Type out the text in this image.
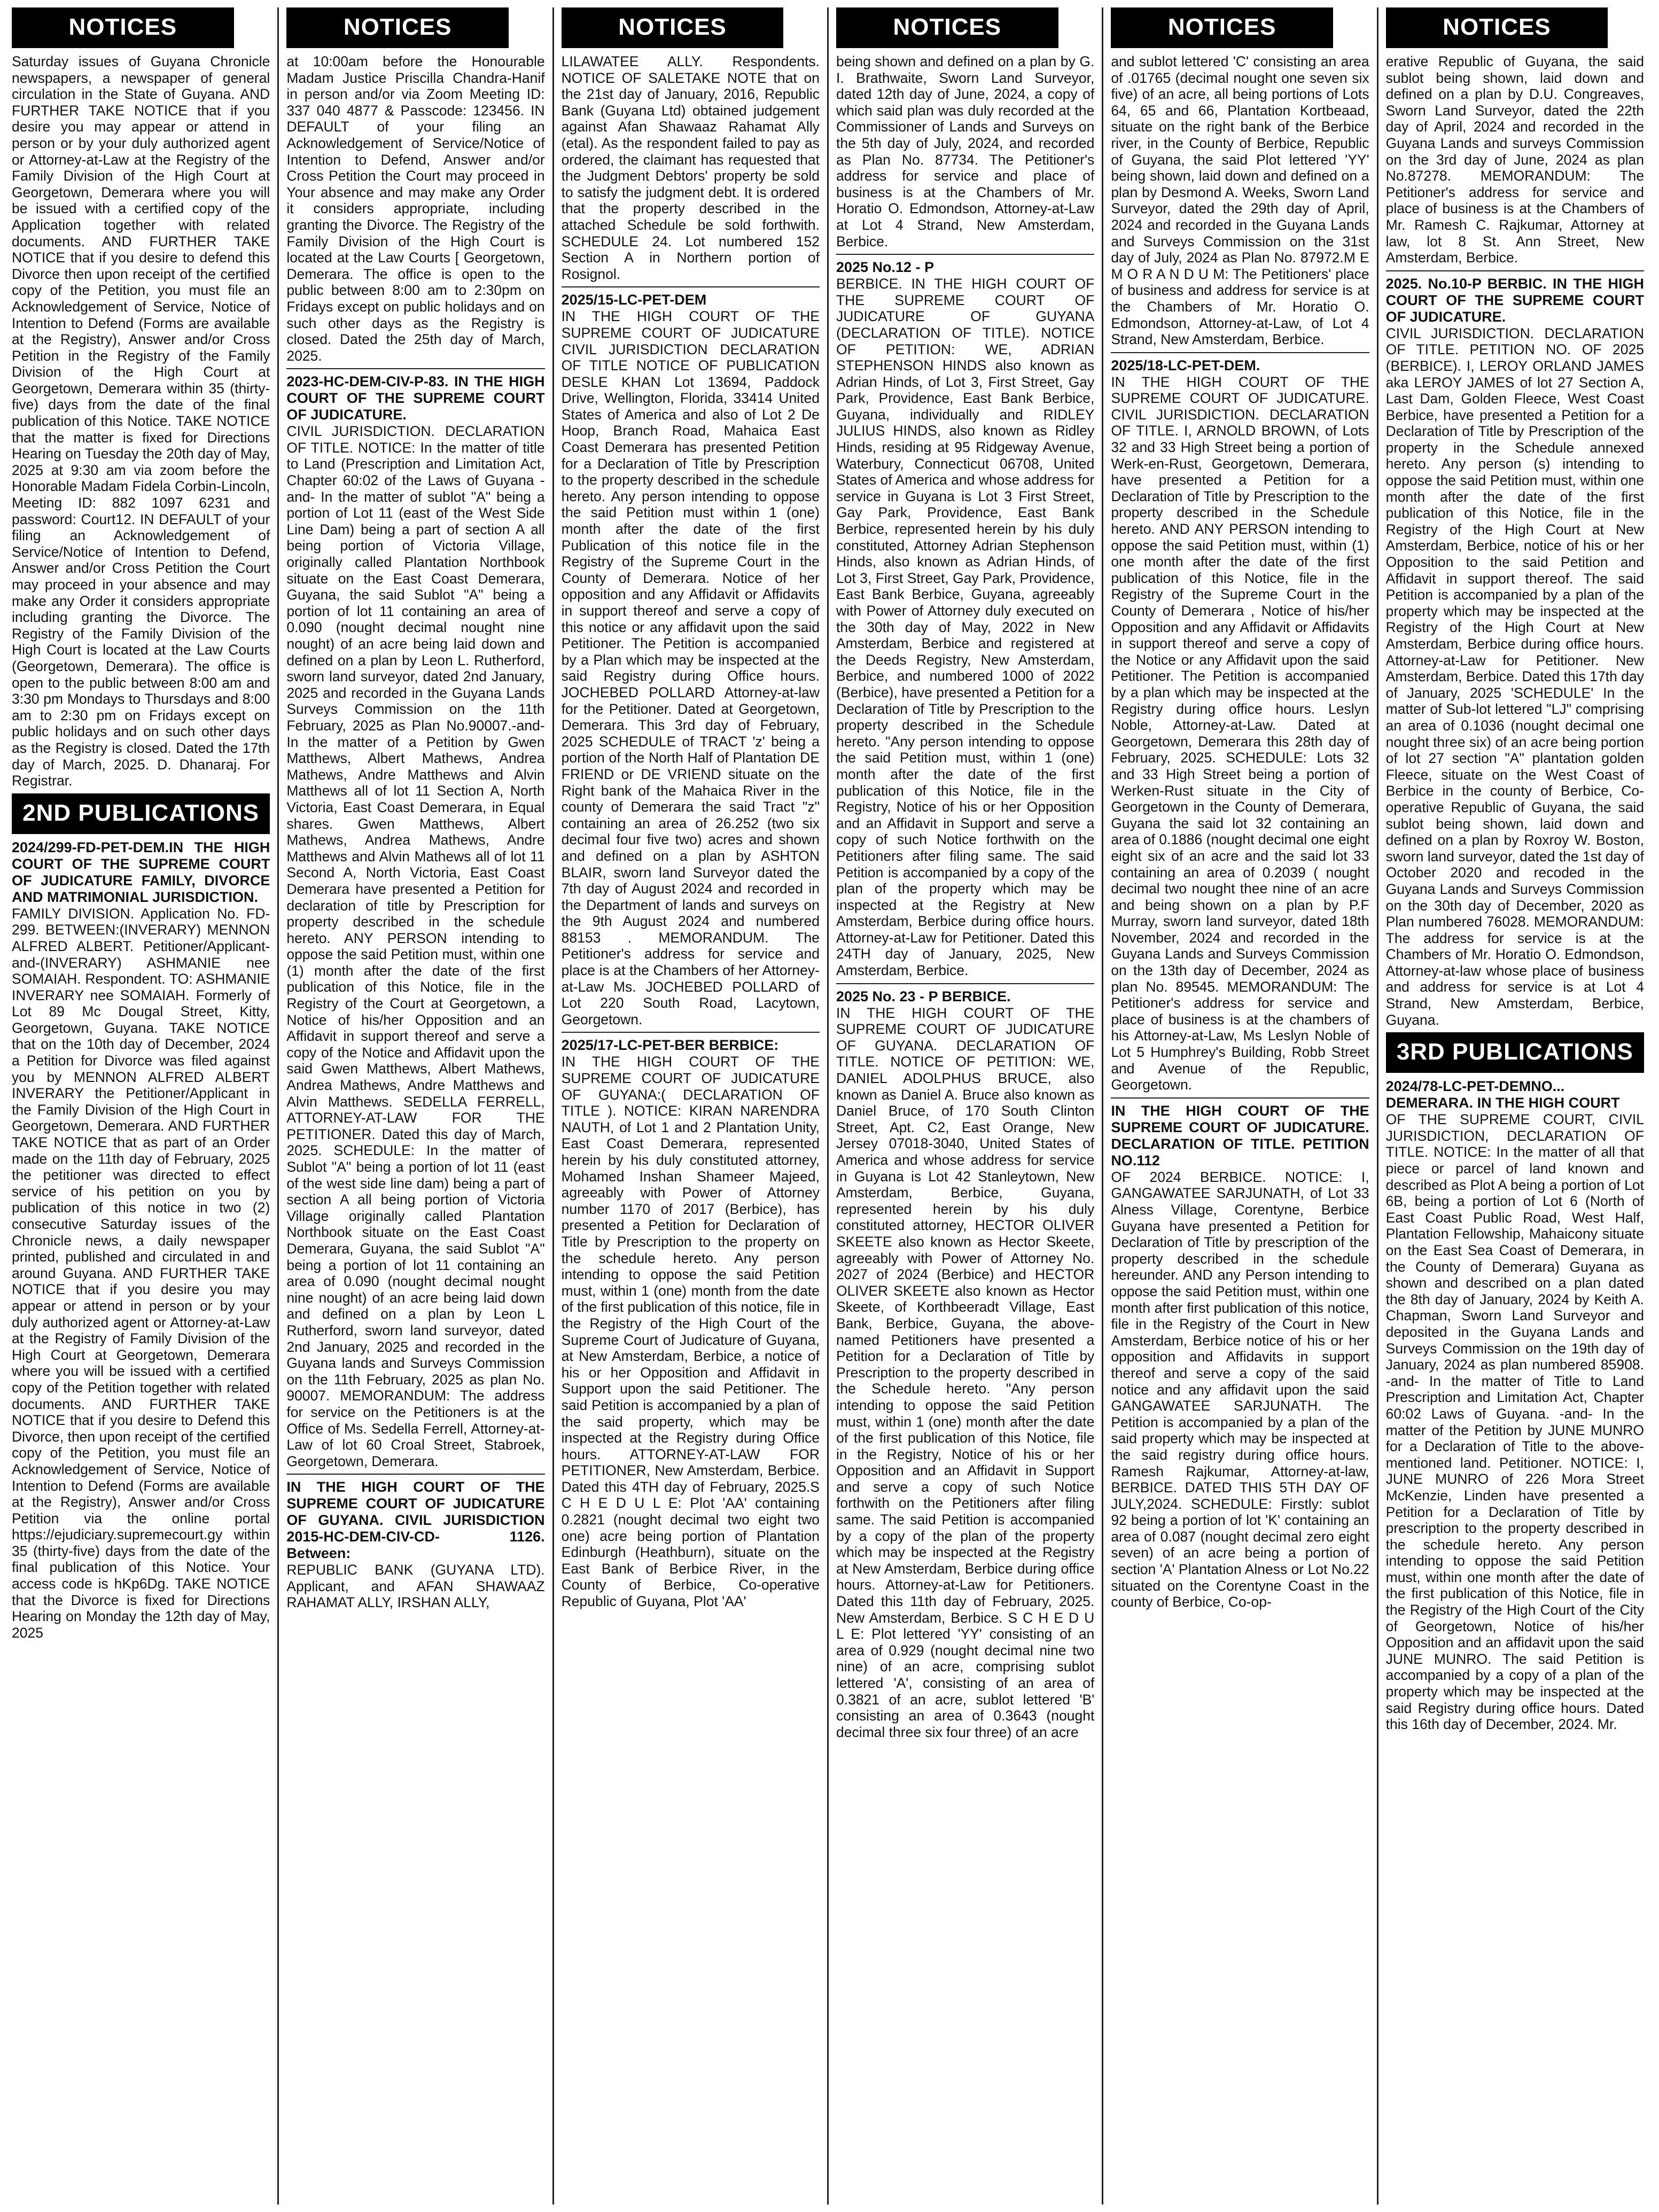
NOTICES

Saturday issues of Guyana Chronicle newspapers, a newspaper of general circulation in the State of Guyana. AND FURTHER TAKE NOTICE that if you desire you may appear or attend in person or by your duly authorized agent or Attorney-at-Law at the Registry of the Family Division of the High Court at Georgetown, Demerara where you will be issued with a certified copy of the Application together with related documents. AND FURTHER TAKE NOTICE that if you desire to defend this Divorce then upon receipt of the certified copy of the Petition, you must file an Acknowledgement of Service, Notice of Intention to Defend (Forms are available at the Registry), Answer and/or Cross Petition in the Registry of the Family Division of the High Court at Georgetown, Demerara within 35 (thirty-five) days from the date of the final publication of this Notice. TAKE NOTICE that the matter is fixed for Directions Hearing on Tuesday the 20th day of May, 2025 at 9:30 am via zoom before the Honorable Madam Fidela Corbin-Lincoln, Meeting ID: 882 1097 6231 and password: Court12. IN DEFAULT of your filing an Acknowledgement of Service/Notice of Intention to Defend, Answer and/or Cross Petition the Court may proceed in your absence and may make any Order it considers appropriate including granting the Divorce. The Registry of the Family Division of the High Court is located at the Law Courts (Georgetown, Demerara). The office is open to the public between 8:00 am and 3:30 pm Mondays to Thursdays and 8:00 am to 2:30 pm on Fridays except on public holidays and on such other days as the Registry is closed. Dated the 17th day of March, 2025. D. Dhanaraj. For Registrar.

2ND PUBLICATIONS

2024/299-FD-PET-DEM.IN THE HIGH COURT OF THE SUPREME COURT OF JUDICATURE FAMILY, DIVORCE AND MATRIMONIAL JURISDICTION.

FAMILY DIVISION. Application No. FD-299. BETWEEN:(INVERARY) MENNON ALFRED ALBERT. Petitioner/Applicant-and-(INVERARY) ASHMANIE nee SOMAIAH. Respondent. TO: ASHMANIE INVERARY nee SOMAIAH. Formerly of Lot 89 Mc Dougal Street, Kitty, Georgetown, Guyana. TAKE NOTICE that on the 10th day of December, 2024 a Petition for Divorce was filed against you by MENNON ALFRED ALBERT INVERARY the Petitioner/Applicant in the Family Division of the High Court in Georgetown, Demerara. AND FURTHER TAKE NOTICE that as part of an Order made on the 11th day of February, 2025 the petitioner was directed to effect service of his petition on you by publication of this notice in two (2) consecutive Saturday issues of the Chronicle news, a daily newspaper printed, published and circulated in and around Guyana. AND FURTHER TAKE NOTICE that if you desire you may appear or attend in person or by your duly authorized agent or Attorney-at-Law at the Registry of Family Division of the High Court at Georgetown, Demerara where you will be issued with a certified copy of the Petition together with related documents. AND FURTHER TAKE NOTICE that if you desire to Defend this Divorce, then upon receipt of the certified copy of the Petition, you must file an Acknowledgement of Service, Notice of Intention to Defend (Forms are available at the Registry), Answer and/or Cross Petition via the online portal https://ejudiciary.supremecourt.gy within 35 (thirty-five) days from the date of the final publication of this Notice. Your access code is hKp6Dg. TAKE NOTICE that the Divorce is fixed for Directions Hearing on Monday the 12th day of May, 2025

NOTICES

at 10:00am before the Honourable Madam Justice Priscilla Chandra-Hanif in person and/or via Zoom Meeting ID: 337 040 4877 & Passcode: 123456. IN DEFAULT of your filing an Acknowledgement of Service/Notice of Intention to Defend, Answer and/or Cross Petition the Court may proceed in Your absence and may make any Order it considers appropriate, including granting the Divorce. The Registry of the Family Division of the High Court is located at the Law Courts [ Georgetown, Demerara. The office is open to the public between 8:00 am to 2:30pm on Fridays except on public holidays and on such other days as the Registry is closed. Dated the 25th day of March, 2025.

2023-HC-DEM-CIV-P-83. IN THE HIGH COURT OF THE SUPREME COURT OF JUDICATURE.

CIVIL JURISDICTION. DECLARATION OF TITLE. NOTICE: In the matter of title to Land (Prescription and Limitation Act, Chapter 60:02 of the Laws of Guyana -and- In the matter of sublot "A" being a portion of Lot 11 (east of the West Side Line Dam) being a part of section A all being portion of Victoria Village, originally called Plantation Northbook situate on the East Coast Demerara, Guyana, the said Sublot "A" being a portion of lot 11 containing an area of 0.090 (nought decimal nought nine nought) of an acre being laid down and defined on a plan by Leon L. Rutherford, sworn land surveyor, dated 2nd January, 2025 and recorded in the Guyana Lands Surveys Commission on the 11th February, 2025 as Plan No.90007.-and- In the matter of a Petition by Gwen Matthews, Albert Mathews, Andrea Mathews, Andre Matthews and Alvin Matthews all of lot 11 Section A, North Victoria, East Coast Demerara, in Equal shares. Gwen Matthews, Albert Mathews, Andrea Mathews, Andre Matthews and Alvin Mathews all of lot 11 Second A, North Victoria, East Coast Demerara have presented a Petition for declaration of title by Prescription for property described in the schedule hereto. ANY PERSON intending to oppose the said Petition must, within one (1) month after the date of the first publication of this Notice, file in the Registry of the Court at Georgetown, a Notice of his/her Opposition and an Affidavit in support thereof and serve a copy of the Notice and Affidavit upon the said Gwen Matthews, Albert Mathews, Andrea Mathews, Andre Matthews and Alvin Matthews. SEDELLA FERRELL, ATTORNEY-AT-LAW FOR THE PETITIONER. Dated this day of March, 2025. SCHEDULE: In the matter of Sublot "A" being a portion of lot 11 (east of the west side line dam) being a part of section A all being portion of Victoria Village originally called Plantation Northbook situate on the East Coast Demerara, Guyana, the said Sublot "A" being a portion of lot 11 containing an area of 0.090 (nought decimal nought nine nought) of an acre being laid down and defined on a plan by Leon L Rutherford, sworn land surveyor, dated 2nd January, 2025 and recorded in the Guyana lands and Surveys Commission on the 11th February, 2025 as plan No. 90007. MEMORANDUM: The address for service on the Petitioners is at the Office of Ms. Sedella Ferrell, Attorney-at-Law of lot 60 Croal Street, Stabroek, Georgetown, Demerara.

IN THE HIGH COURT OF THE SUPREME COURT OF JUDICATURE OF GUYANA. CIVIL JURISDICTION 2015-HC-DEM-CIV-CD- 1126. Between:

REPUBLIC BANK (GUYANA LTD). Applicant, and AFAN SHAWAAZ RAHAMAT ALLY, IRSHAN ALLY,

NOTICES

LILAWATEE ALLY. Respondents. NOTICE OF SALETAKE NOTE that on the 21st day of January, 2016, Republic Bank (Guyana Ltd) obtained judgement against Afan Shawaaz Rahamat Ally (etal). As the respondent failed to pay as ordered, the claimant has requested that the Judgment Debtors' property be sold to satisfy the judgment debt. It is ordered that the property described in the attached Schedule be sold forthwith. SCHEDULE 24. Lot numbered 152 Section A in Northern portion of Rosignol.

2025/15-LC-PET-DEM

IN THE HIGH COURT OF THE SUPREME COURT OF JUDICATURE CIVIL JURISDICTION DECLARATION OF TITLE NOTICE OF PUBLICATION DESLE KHAN Lot 13694, Paddock Drive, Wellington, Florida, 33414 United States of America and also of Lot 2 De Hoop, Branch Road, Mahaica East Coast Demerara has presented Petition for a Declaration of Title by Prescription to the property described in the schedule hereto. Any person intending to oppose the said Petition must within 1 (one) month after the date of the first Publication of this notice file in the Registry of the Supreme Court in the County of Demerara. Notice of her opposition and any Affidavit or Affidavits in support thereof and serve a copy of this notice or any affidavit upon the said Petitioner. The Petition is accompanied by a Plan which may be inspected at the said Registry during Office hours. JOCHEBED POLLARD Attorney-at-law for the Petitioner. Dated at Georgetown, Demerara. This 3rd day of February, 2025 SCHEDULE of TRACT 'z' being a portion of the North Half of Plantation DE FRIEND or DE VRIEND situate on the Right bank of the Mahaica River in the county of Demerara the said Tract "z" containing an area of 26.252 (two six decimal four five two) acres and shown and defined on a plan by ASHTON BLAIR, sworn land Surveyor dated the 7th day of August 2024 and recorded in the Department of lands and surveys on the 9th August 2024 and numbered 88153 . MEMORANDUM. The Petitioner's address for service and place is at the Chambers of her Attorney-at-Law Ms. JOCHEBED POLLARD of Lot 220 South Road, Lacytown, Georgetown.

2025/17-LC-PET-BER BERBICE:

IN THE HIGH COURT OF THE SUPREME COURT OF JUDICATURE OF GUYANA:( DECLARATION OF TITLE ). NOTICE: KIRAN NARENDRA NAUTH, of Lot 1 and 2 Plantation Unity, East Coast Demerara, represented herein by his duly constituted attorney, Mohamed Inshan Shameer Majeed, agreeably with Power of Attorney number 1170 of 2017 (Berbice), has presented a Petition for Declaration of Title by Prescription to the property on the schedule hereto. Any person intending to oppose the said Petition must, within 1 (one) month from the date of the first publication of this notice, file in the Registry of the High Court of the Supreme Court of Judicature of Guyana, at New Amsterdam, Berbice, a notice of his or her Opposition and Affidavit in Support upon the said Petitioner. The said Petition is accompanied by a plan of the said property, which may be inspected at the Registry during Office hours. ATTORNEY-AT-LAW FOR PETITIONER, New Amsterdam, Berbice. Dated this 4TH day of February, 2025.S C H E D U L E: Plot 'AA' containing 0.2821 (nought decimal two eight two one) acre being portion of Plantation Edinburgh (Heathburn), situate on the East Bank of Berbice River, in the County of Berbice, Co-operative Republic of Guyana, Plot 'AA'

NOTICES

being shown and defined on a plan by G. I. Brathwaite, Sworn Land Surveyor, dated 12th day of June, 2024, a copy of which said plan was duly recorded at the Commissioner of Lands and Surveys on the 5th day of July, 2024, and recorded as Plan No. 87734. The Petitioner's address for service and place of business is at the Chambers of Mr. Horatio O. Edmondson, Attorney-at-Law at Lot 4 Strand, New Amsterdam, Berbice.

2025 No.12 - P

BERBICE. IN THE HIGH COURT OF THE SUPREME COURT OF JUDICATURE OF GUYANA (DECLARATION OF TITLE). NOTICE OF PETITION: WE, ADRIAN STEPHENSON HINDS also known as Adrian Hinds, of Lot 3, First Street, Gay Park, Providence, East Bank Berbice, Guyana, individually and RIDLEY JULIUS HINDS, also known as Ridley Hinds, residing at 95 Ridgeway Avenue, Waterbury, Connecticut 06708, United States of America and whose address for service in Guyana is Lot 3 First Street, Gay Park, Providence, East Bank Berbice, represented herein by his duly constituted, Attorney Adrian Stephenson Hinds, also known as Adrian Hinds, of Lot 3, First Street, Gay Park, Providence, East Bank Berbice, Guyana, agreeably with Power of Attorney duly executed on the 30th day of May, 2022 in New Amsterdam, Berbice and registered at the Deeds Registry, New Amsterdam, Berbice, and numbered 1000 of 2022 (Berbice), have presented a Petition for a Declaration of Title by Prescription to the property described in the Schedule hereto. "Any person intending to oppose the said Petition must, within 1 (one) month after the date of the first publication of this Notice, file in the Registry, Notice of his or her Opposition and an Affidavit in Support and serve a copy of such Notice forthwith on the Petitioners after filing same. The said Petition is accompanied by a copy of the plan of the property which may be inspected at the Registry at New Amsterdam, Berbice during office hours. Attorney-at-Law for Petitioner. Dated this 24TH day of January, 2025, New Amsterdam, Berbice.

2025 No. 23 - P BERBICE.

IN THE HIGH COURT OF THE SUPREME COURT OF JUDICATURE OF GUYANA. DECLARATION OF TITLE. NOTICE OF PETITION: WE, DANIEL ADOLPHUS BRUCE, also known as Daniel A. Bruce also known as Daniel Bruce, of 170 South Clinton Street, Apt. C2, East Orange, New Jersey 07018-3040, United States of America and whose address for service in Guyana is Lot 42 Stanleytown, New Amsterdam, Berbice, Guyana, represented herein by his duly constituted attorney, HECTOR OLIVER SKEETE also known as Hector Skeete, agreeably with Power of Attorney No. 2027 of 2024 (Berbice) and HECTOR OLIVER SKEETE also known as Hector Skeete, of Korthbeeradt Village, East Bank, Berbice, Guyana, the above-named Petitioners have presented a Petition for a Declaration of Title by Prescription to the property described in the Schedule hereto. "Any person intending to oppose the said Petition must, within 1 (one) month after the date of the first publication of this Notice, file in the Registry, Notice of his or her Opposition and an Affidavit in Support and serve a copy of such Notice forthwith on the Petitioners after filing same. The said Petition is accompanied by a copy of the plan of the property which may be inspected at the Registry at New Amsterdam, Berbice during office hours. Attorney-at-Law for Petitioners. Dated this 11th day of February, 2025. New Amsterdam, Berbice. S C H E D U L E: Plot lettered 'YY' consisting of an area of 0.929 (nought decimal nine two nine) of an acre, comprising sublot lettered 'A', consisting of an area of 0.3821 of an acre, sublot lettered 'B' consisting an area of 0.3643 (nought decimal three six four three) of an acre

NOTICES

and sublot lettered 'C' consisting an area of .01765 (decimal nought one seven six five) of an acre, all being portions of Lots 64, 65 and 66, Plantation Kortbeaad, situate on the right bank of the Berbice river, in the County of Berbice, Republic of Guyana, the said Plot lettered 'YY' being shown, laid down and defined on a plan by Desmond A. Weeks, Sworn Land Surveyor, dated the 29th day of April, 2024 and recorded in the Guyana Lands and Surveys Commission on the 31st day of July, 2024 as Plan No. 87972.M E M O R A N D U M: The Petitioners' place of business and address for service is at the Chambers of Mr. Horatio O. Edmondson, Attorney-at-Law, of Lot 4 Strand, New Amsterdam, Berbice.

2025/18-LC-PET-DEM.

IN THE HIGH COURT OF THE SUPREME COURT OF JUDICATURE. CIVIL JURISDICTION. DECLARATION OF TITLE. I, ARNOLD BROWN, of Lots 32 and 33 High Street being a portion of Werk-en-Rust, Georgetown, Demerara, have presented a Petition for a Declaration of Title by Prescription to the property described in the Schedule hereto. AND ANY PERSON intending to oppose the said Petition must, within (1) one month after the date of the first publication of this Notice, file in the Registry of the Supreme Court in the County of Demerara , Notice of his/her Opposition and any Affidavit or Affidavits in support thereof and serve a copy of the Notice or any Affidavit upon the said Petitioner. The Petition is accompanied by a plan which may be inspected at the Registry during office hours. Leslyn Noble, Attorney-at-Law. Dated at Georgetown, Demerara this 28th day of February, 2025. SCHEDULE: Lots 32 and 33 High Street being a portion of Werken-Rust situate in the City of Georgetown in the County of Demerara, Guyana the said lot 32 containing an area of 0.1886 (nought decimal one eight eight six of an acre and the said lot 33 containing an area of 0.2039 ( nought decimal two nought thee nine of an acre and being shown on a plan by P.F Murray, sworn land surveyor, dated 18th November, 2024 and recorded in the Guyana Lands and Surveys Commission on the 13th day of December, 2024 as plan No. 89545. MEMORANDUM: The Petitioner's address for service and place of business is at the chambers of his Attorney-at-Law, Ms Leslyn Noble of Lot 5 Humphrey's Building, Robb Street and Avenue of the Republic, Georgetown.

IN THE HIGH COURT OF THE SUPREME COURT OF JUDICATURE. DECLARATION OF TITLE. PETITION NO.112

OF 2024 BERBICE. NOTICE: I, GANGAWATEE SARJUNATH, of Lot 33 Alness Village, Corentyne, Berbice Guyana have presented a Petition for Declaration of Title by prescription of the property described in the schedule hereunder. AND any Person intending to oppose the said Petition must, within one month after first publication of this notice, file in the Registry of the Court in New Amsterdam, Berbice notice of his or her opposition and Affidavits in support thereof and serve a copy of the said notice and any affidavit upon the said GANGAWATEE SARJUNATH. The Petition is accompanied by a plan of the said property which may be inspected at the said registry during office hours. Ramesh Rajkumar, Attorney-at-law, BERBICE. DATED THIS 5TH DAY OF JULY,2024. SCHEDULE: Firstly: sublot 92 being a portion of lot 'K' containing an area of 0.087 (nought decimal zero eight seven) of an acre being a portion of section 'A' Plantation Alness or Lot No.22 situated on the Corentyne Coast in the county of Berbice, Co-op-

NOTICES

erative Republic of Guyana, the said sublot being shown, laid down and defined on a plan by D.U. Congreaves, Sworn Land Surveyor, dated the 22th day of April, 2024 and recorded in the Guyana Lands and surveys Commission on the 3rd day of June, 2024 as plan No.87278. MEMORANDUM: The Petitioner's address for service and place of business is at the Chambers of Mr. Ramesh C. Rajkumar, Attorney at law, lot 8 St. Ann Street, New Amsterdam, Berbice.

2025. No.10-P BERBIC. IN THE HIGH COURT OF THE SUPREME COURT OF JUDICATURE.

CIVIL JURISDICTION. DECLARATION OF TITLE. PETITION NO. OF 2025 (BERBICE). I, LEROY ORLAND JAMES aka LEROY JAMES of lot 27 Section A, Last Dam, Golden Fleece, West Coast Berbice, have presented a Petition for a Declaration of Title by Prescription of the property in the Schedule annexed hereto. Any person (s) intending to oppose the said Petition must, within one month after the date of the first publication of this Notice, file in the Registry of the High Court at New Amsterdam, Berbice, notice of his or her Opposition to the said Petition and Affidavit in support thereof. The said Petition is accompanied by a plan of the property which may be inspected at the Registry of the High Court at New Amsterdam, Berbice during office hours. Attorney-at-Law for Petitioner. New Amsterdam, Berbice. Dated this 17th day of January, 2025 'SCHEDULE' In the matter of Sub-lot lettered "LJ" comprising an area of 0.1036 (nought decimal one nought three six) of an acre being portion of lot 27 section "A" plantation golden Fleece, situate on the West Coast of Berbice in the county of Berbice, Co-operative Republic of Guyana, the said sublot being shown, laid down and defined on a plan by Roxroy W. Boston, sworn land surveyor, dated the 1st day of October 2020 and recoded in the Guyana Lands and Surveys Commission on the 30th day of December, 2020 as Plan numbered 76028. MEMORANDUM: The address for service is at the Chambers of Mr. Horatio O. Edmondson, Attorney-at-law whose place of business and address for service is at Lot 4 Strand, New Amsterdam, Berbice, Guyana.

3RD PUBLICATIONS

2024/78-LC-PET-DEMNO... DEMERARA. IN THE HIGH COURT

OF THE SUPREME COURT, CIVIL JURISDICTION, DECLARATION OF TITLE. NOTICE: In the matter of all that piece or parcel of land known and described as Plot A being a portion of Lot 6B, being a portion of Lot 6 (North of East Coast Public Road, West Half, Plantation Fellowship, Mahaicony situate on the East Sea Coast of Demerara, in the County of Demerara) Guyana as shown and described on a plan dated the 8th day of January, 2024 by Keith A. Chapman, Sworn Land Surveyor and deposited in the Guyana Lands and Surveys Commission on the 19th day of January, 2024 as plan numbered 85908. -and- In the matter of Title to Land Prescription and Limitation Act, Chapter 60:02 Laws of Guyana. -and- In the matter of the Petition by JUNE MUNRO for a Declaration of Title to the above-mentioned land. Petitioner. NOTICE: I, JUNE MUNRO of 226 Mora Street McKenzie, Linden have presented a Petition for a Declaration of Title by prescription to the property described in the schedule hereto. Any person intending to oppose the said Petition must, within one month after the date of the first publication of this Notice, file in the Registry of the High Court of the City of Georgetown, Notice of his/her Opposition and an affidavit upon the said JUNE MUNRO. The said Petition is accompanied by a copy of a plan of the property which may be inspected at the said Registry during office hours. Dated this 16th day of December, 2024. Mr.
